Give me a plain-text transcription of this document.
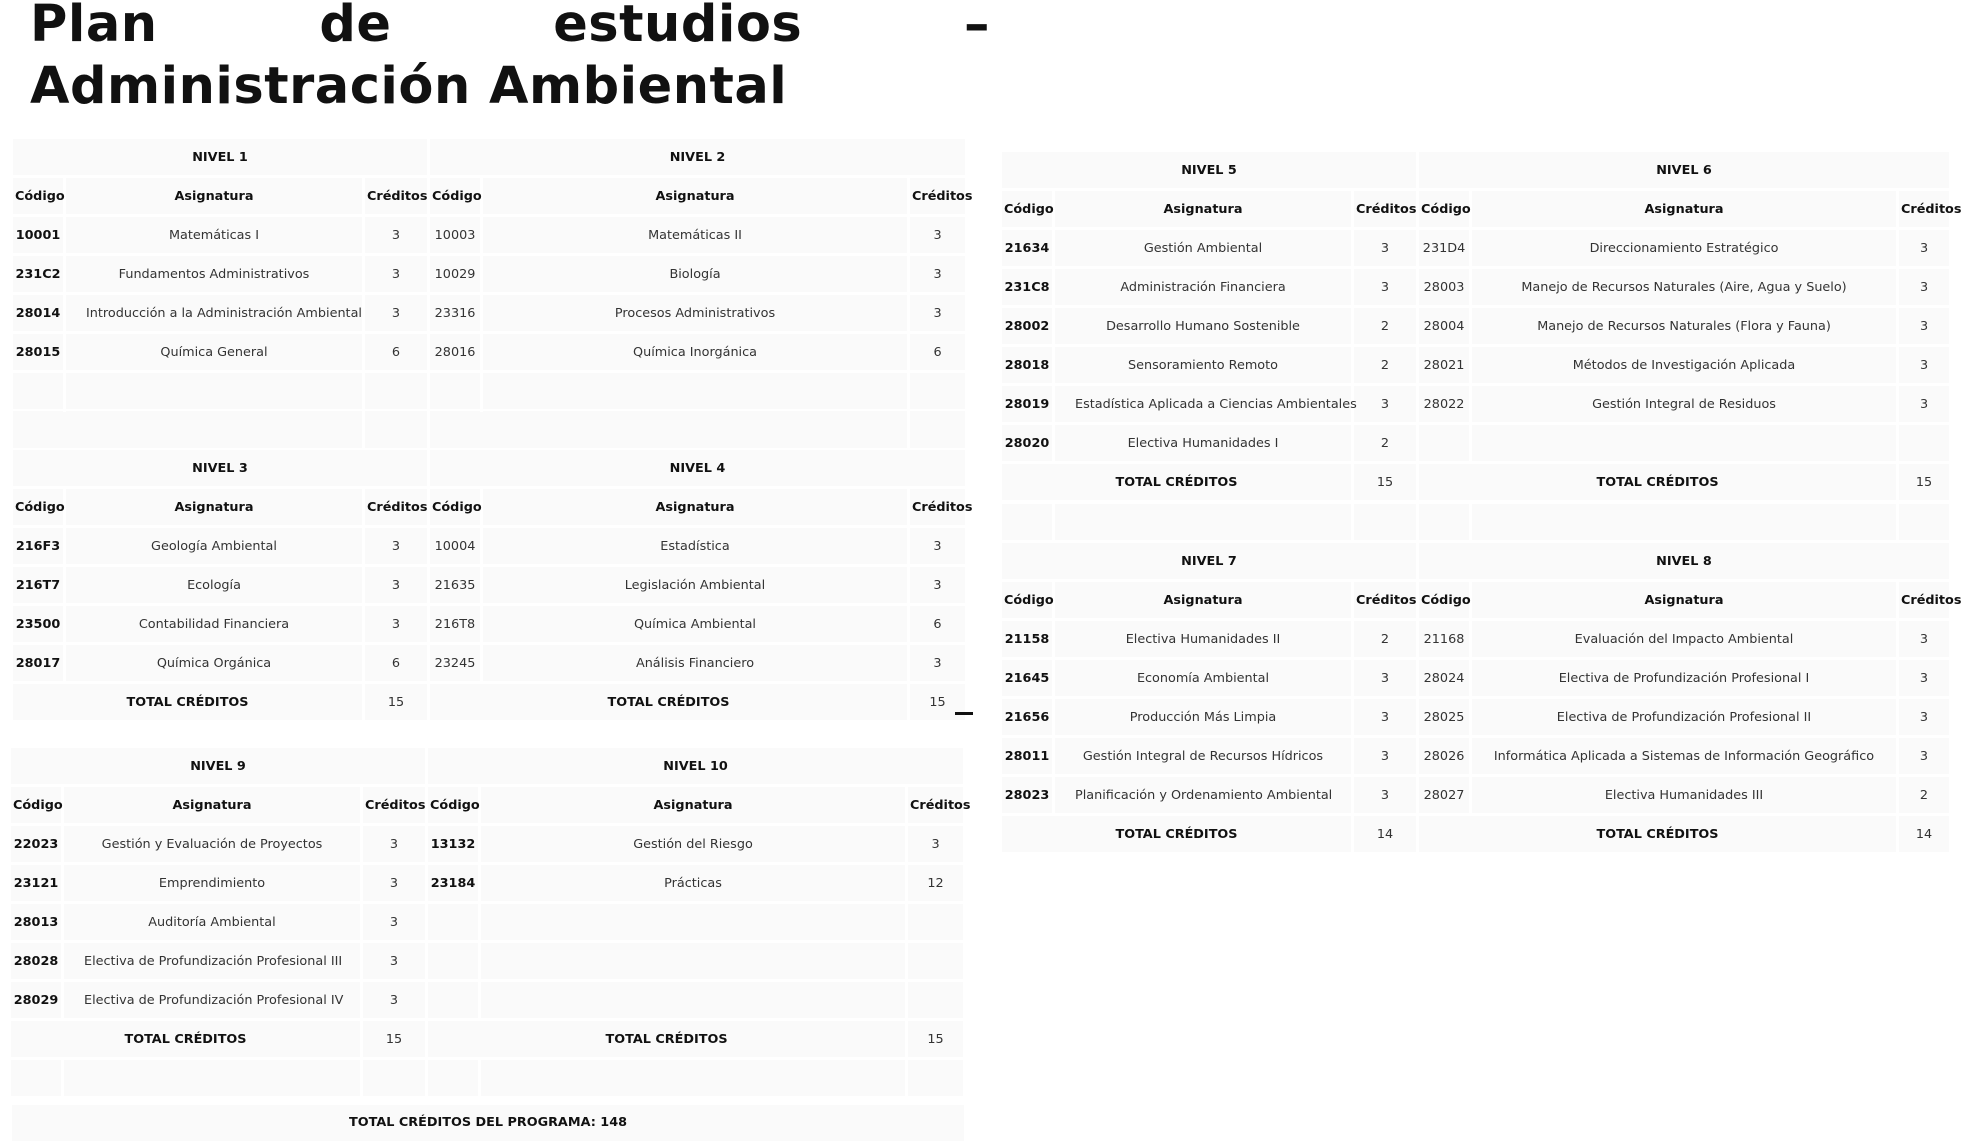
Plan de estudios – Administración Ambiental
NIVEL 1			NIVEL 2		
Código	Asignatura	Créditos	Código	Asignatura	Créditos
10001	Matemáticas I	3	10003	Matemáticas II	3
231C2	Fundamentos Administrativos	3	10029	Biología	3
28014	Introducción a la Administración Ambiental	3	23316	Procesos Administrativos	3
28015	Química General	6	28016	Química Inorgánica	6

NIVEL 3			NIVEL 4		
Código	Asignatura	Créditos	Código	Asignatura	Créditos
216F3	Geología Ambiental	3	10004	Estadística	3
216T7	Ecología	3	21635	Legislación Ambiental	3
23500	Contabilidad Financiera	3	216T8	Química Ambiental	6
28017	Química Orgánica	6	23245	Análisis Financiero	3
TOTAL CRÉDITOS		15	TOTAL CRÉDITOS		15
NIVEL 9			NIVEL 10		
Código	Asignatura	Créditos	Código	Asignatura	Créditos
22023	Gestión y Evaluación de Proyectos	3	13132	Gestión del Riesgo	3
23121	Emprendimiento	3	23184	Prácticas	12
28013	Auditoría Ambiental	3			
28028	Electiva de Profundización Profesional III	3			
28029	Electiva de Profundización Profesional IV	3			
TOTAL CRÉDITOS		15	TOTAL CRÉDITOS		15

TOTAL CRÉDITOS DEL PROGRAMA: 148
NIVEL 5			NIVEL 6		
Código	Asignatura	Créditos	Código	Asignatura	Créditos
21634	Gestión Ambiental	3	231D4	Direccionamiento Estratégico	3
231C8	Administración Financiera	3	28003	Manejo de Recursos Naturales (Aire, Agua y Suelo)	3
28002	Desarrollo Humano Sostenible	2	28004	Manejo de Recursos Naturales (Flora y Fauna)	3
28018	Sensoramiento Remoto	2	28021	Métodos de Investigación Aplicada	3
28019	Estadística Aplicada a Ciencias Ambientales	3	28022	Gestión Integral de Residuos	3
28020	Electiva Humanidades I	2			
TOTAL CRÉDITOS		15	TOTAL CRÉDITOS		15

NIVEL 7			NIVEL 8		
Código	Asignatura	Créditos	Código	Asignatura	Créditos
21158	Electiva Humanidades II	2	21168	Evaluación del Impacto Ambiental	3
21645	Economía Ambiental	3	28024	Electiva de Profundización Profesional I	3
21656	Producción Más Limpia	3	28025	Electiva de Profundización Profesional II	3
28011	Gestión Integral de Recursos Hídricos	3	28026	Informática Aplicada a Sistemas de Información Geográfico	3
28023	Planificación y Ordenamiento Ambiental	3	28027	Electiva Humanidades III	2
TOTAL CRÉDITOS		14	TOTAL CRÉDITOS		14
